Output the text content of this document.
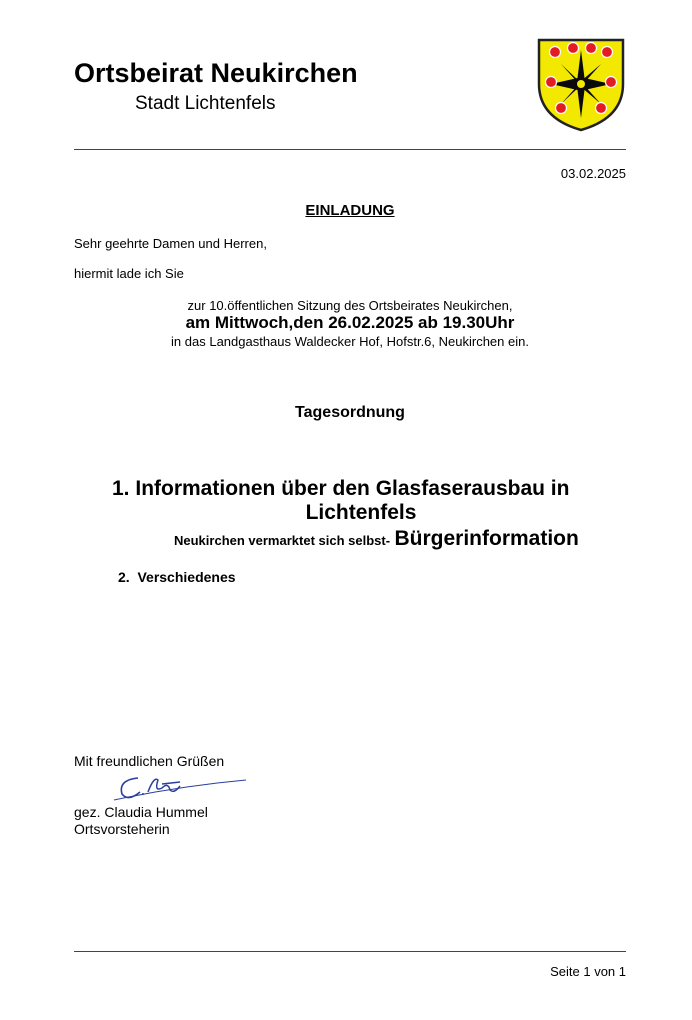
Ortsbeirat Neukirchen
Stadt Lichtenfels
03.02.2025
EINLADUNG
Sehr geehrte Damen und Herren,
hiermit lade ich Sie
zur 10.öffentlichen Sitzung des Ortsbeirates Neukirchen,
am Mittwoch,den 26.02.2025 ab 19.30Uhr
in das Landgasthaus Waldecker Hof, Hofstr.6, Neukirchen ein.
Tagesordnung
1. Informationen über den Glasfaserausbau in
Lichtenfels
Neukirchen vermarktet sich selbst- Bürgerinformation
2. Verschiedenes
Mit freundlichen Grüßen
gez. Claudia Hummel
Ortsvorsteherin
Seite 1 von 1
